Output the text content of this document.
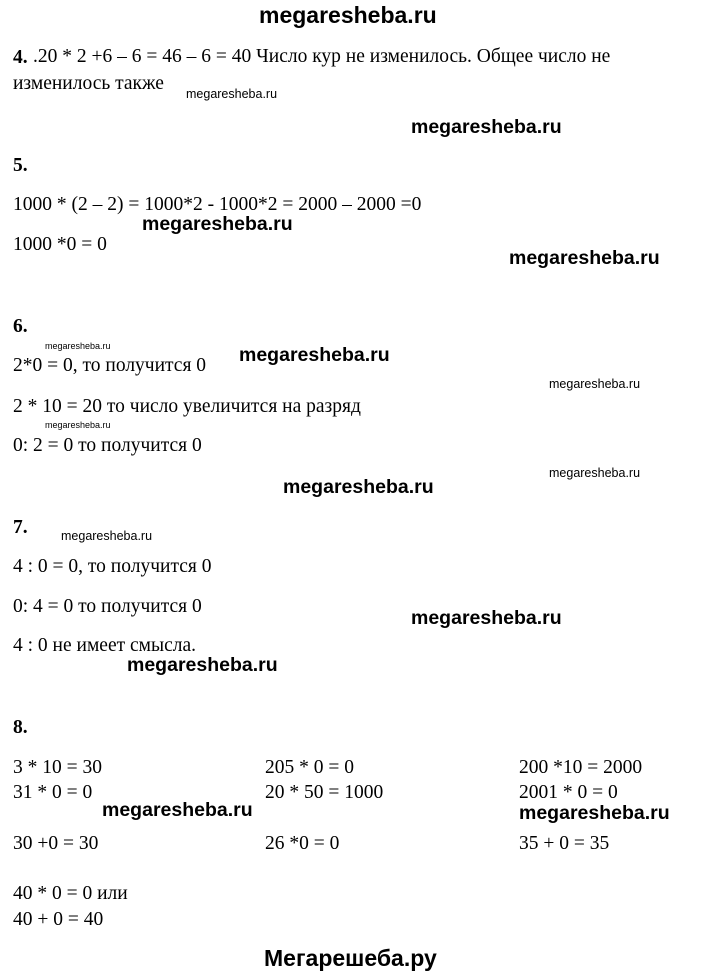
megaresheba.ru
4. .20 * 2 +6 – 6 = 46 – 6 = 40 Число кур не изменилось. Общее число не
изменилось также megaresheba.ru
megaresheba.ru
5.
1000 * (2 – 2) = 1000*2 - 1000*2 = 2000 – 2000 =0
megaresheba.ru
1000 *0 = 0
megaresheba.ru
6.
megaresheba.ru
2*0 = 0, то получится 0 megaresheba.ru
megaresheba.ru
2 * 10 = 20 то число увеличится на разряд
megaresheba.ru
0: 2 = 0 то получится 0
megaresheba.ru
megaresheba.ru
7.	megaresheba.ru
4 : 0 = 0, то получится 0
0: 4 = 0 то получится 0
megaresheba.ru
4 : 0 не имеет смысла.
megaresheba.ru
8.
3 * 10 = 30	205 * 0 = 0	200 *10 = 2000
31 * 0 = 0	20 * 50 = 1000	2001 * 0 = 0
megaresheba.ru	megaresheba.ru
30 +0 = 30	26 *0 = 0	35 + 0 = 35
40 * 0 = 0 или
40 + 0 = 40
Мегарешеба.ру
